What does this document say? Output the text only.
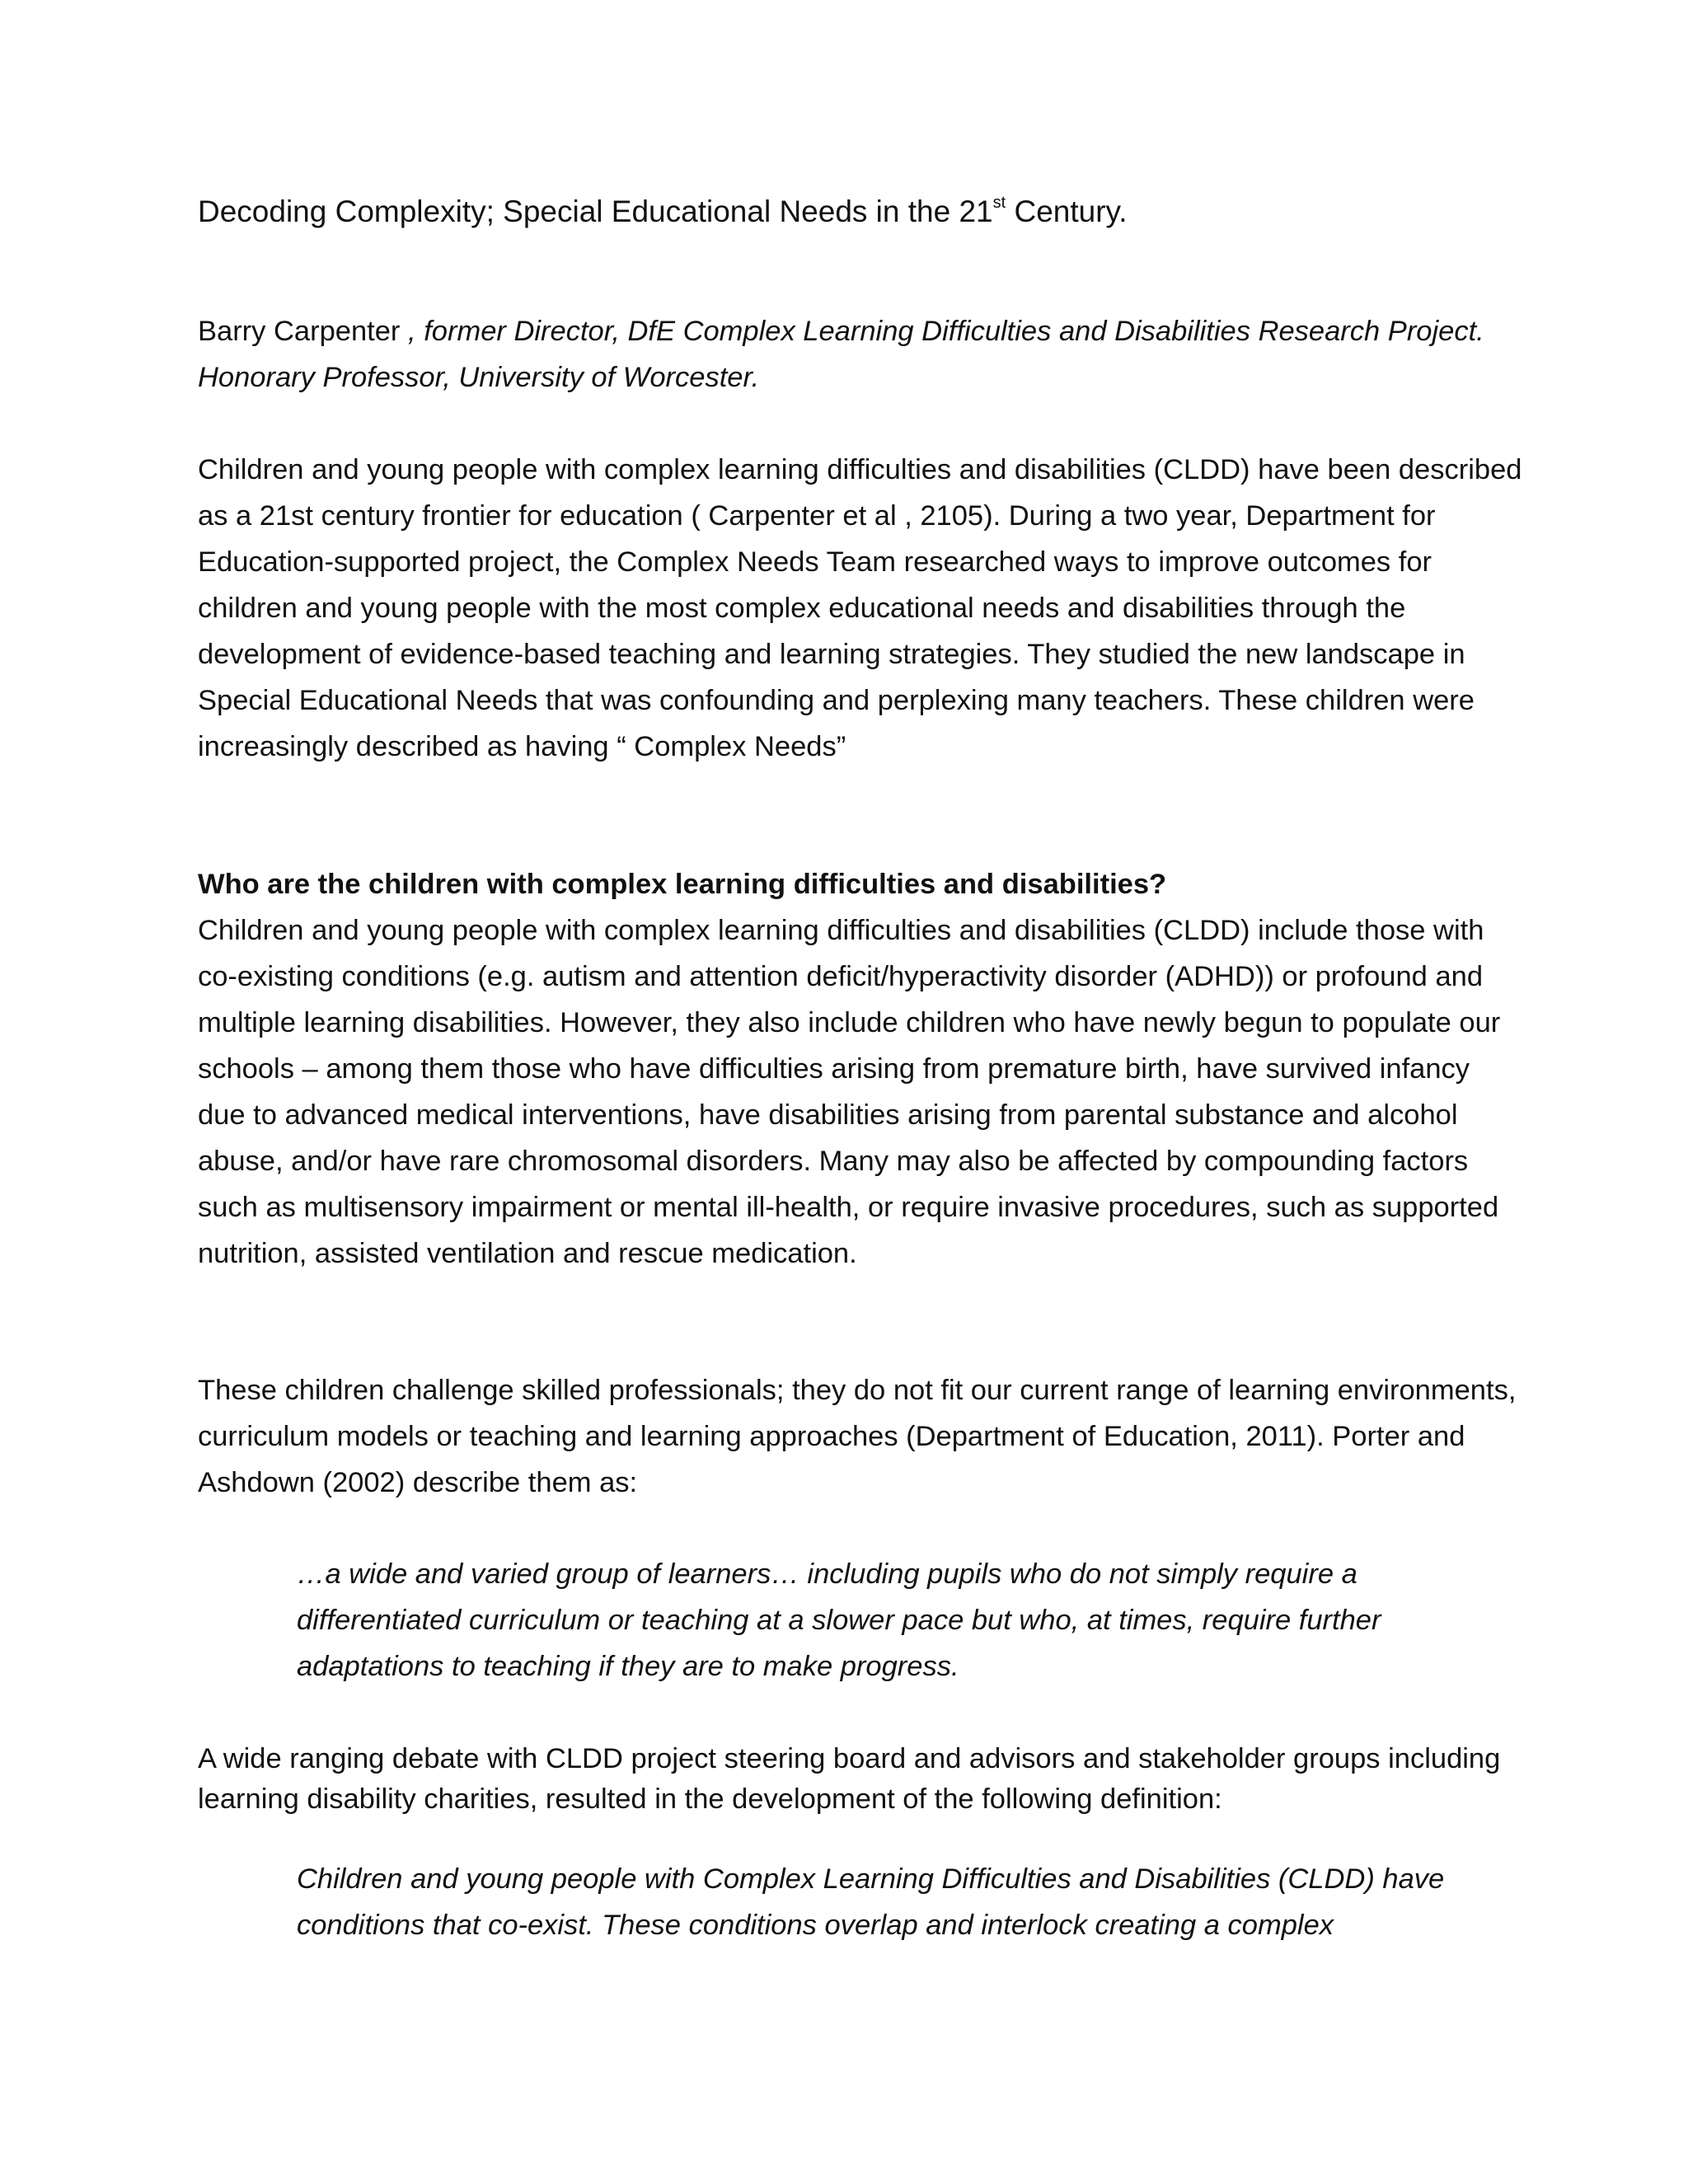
Decoding Complexity; Special Educational Needs in the 21st Century.

Barry Carpenter , former Director, DfE Complex Learning Difficulties and Disabilities Research Project. Honorary Professor, University of Worcester.

Children and young people with complex learning difficulties and disabilities (CLDD) have been described as a 21st century frontier for education ( Carpenter et al , 2105). During a two year, Department for Education-supported project, the Complex Needs Team researched ways to improve outcomes for children and young people with the most complex educational needs and disabilities through the development of evidence-based teaching and learning strategies. They studied the new landscape in Special Educational Needs that was confounding and perplexing many teachers. These children were increasingly described as having “ Complex Needs”

Who are the children with complex learning difficulties and disabilities?

Children and young people with complex learning difficulties and disabilities (CLDD) include those with co-existing conditions (e.g. autism and attention deficit/hyperactivity disorder (ADHD)) or profound and multiple learning disabilities. However, they also include children who have newly begun to populate our schools – among them those who have difficulties arising from premature birth, have survived infancy due to advanced medical interventions, have disabilities arising from parental substance and alcohol abuse, and/or have rare chromosomal disorders. Many may also be affected by compounding factors such as multisensory impairment or mental ill-health, or require invasive procedures, such as supported nutrition, assisted ventilation and rescue medication.

These children challenge skilled professionals; they do not fit our current range of learning environments, curriculum models or teaching and learning approaches (Department of Education, 2011). Porter and Ashdown (2002) describe them as:

…a wide and varied group of learners… including pupils who do not simply require a differentiated curriculum or teaching at a slower pace but who, at times, require further adaptations to teaching if they are to make progress.

A wide ranging debate with CLDD project steering board and advisors and stakeholder groups including learning disability charities, resulted in the development of the following definition:

Children and young people with Complex Learning Difficulties and Disabilities (CLDD) have conditions that co-exist. These conditions overlap and interlock creating a complex
